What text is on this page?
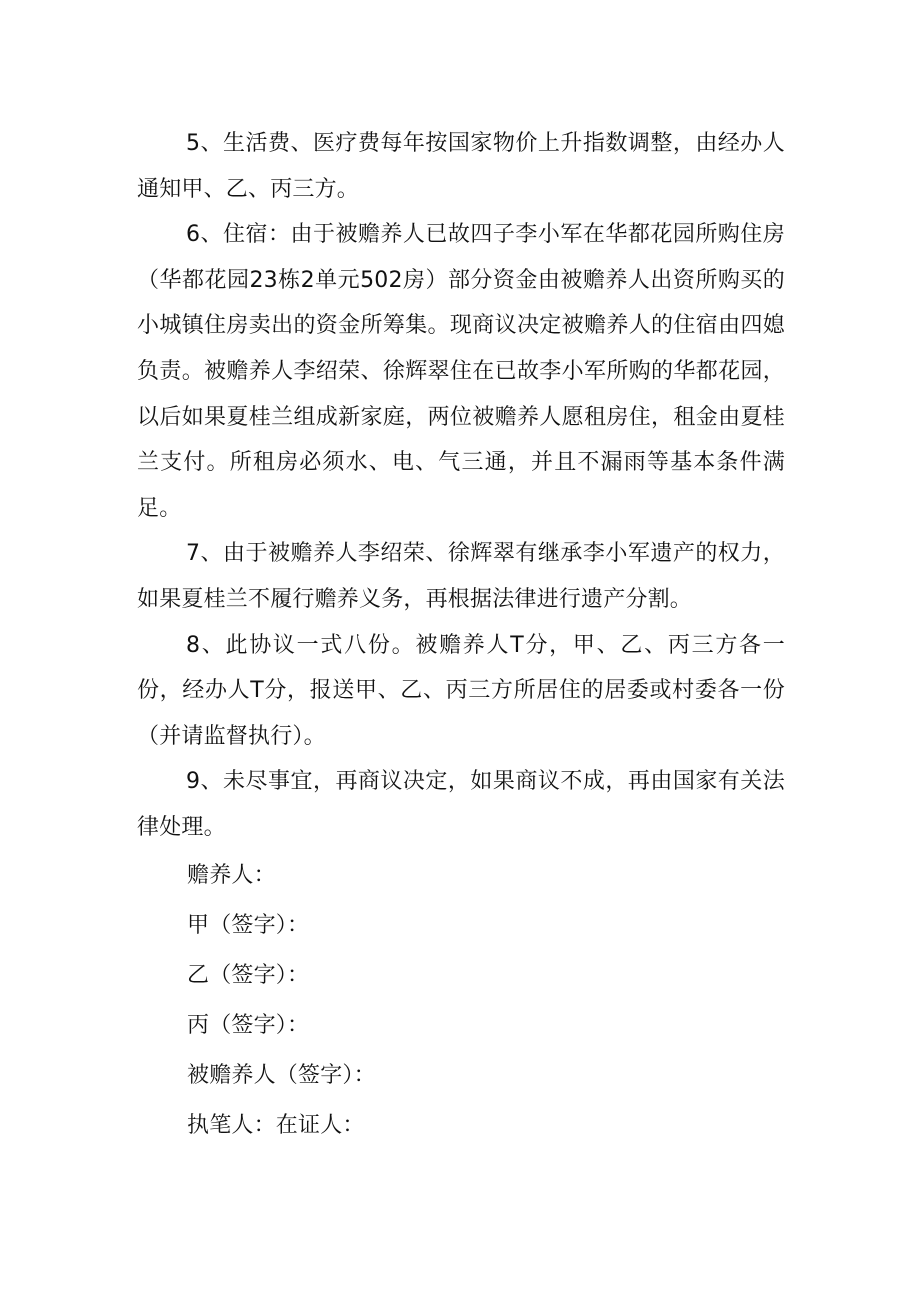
5、生活费、医疗费每年按国家物价上升指数调整，由经办人通知甲、乙、丙三方。

6、住宿：由于被赡养人已故四子李小军在华都花园所购住房（华都花园23栋2单元502房）部分资金由被赡养人出资所购买的小城镇住房卖出的资金所筹集。现商议决定被赡养人的住宿由四媳负责。被赡养人李绍荣、徐辉翠住在已故李小军所购的华都花园，以后如果夏桂兰组成新家庭，两位被赡养人愿租房住，租金由夏桂兰支付。所租房必须水、电、气三通，并且不漏雨等基本条件满足。

7、由于被赡养人李绍荣、徐辉翠有继承李小军遗产的权力，如果夏桂兰不履行赡养义务，再根据法律进行遗产分割。

8、此协议一式八份。被赡养人T分，甲、乙、丙三方各一份，经办人T分，报送甲、乙、丙三方所居住的居委或村委各一份（并请监督执行）。

9、未尽事宜，再商议决定，如果商议不成，再由国家有关法律处理。

赡养人：

甲（签字）：

乙（签字）：

丙（签字）：

被赡养人（签字）：

执笔人：在证人：
